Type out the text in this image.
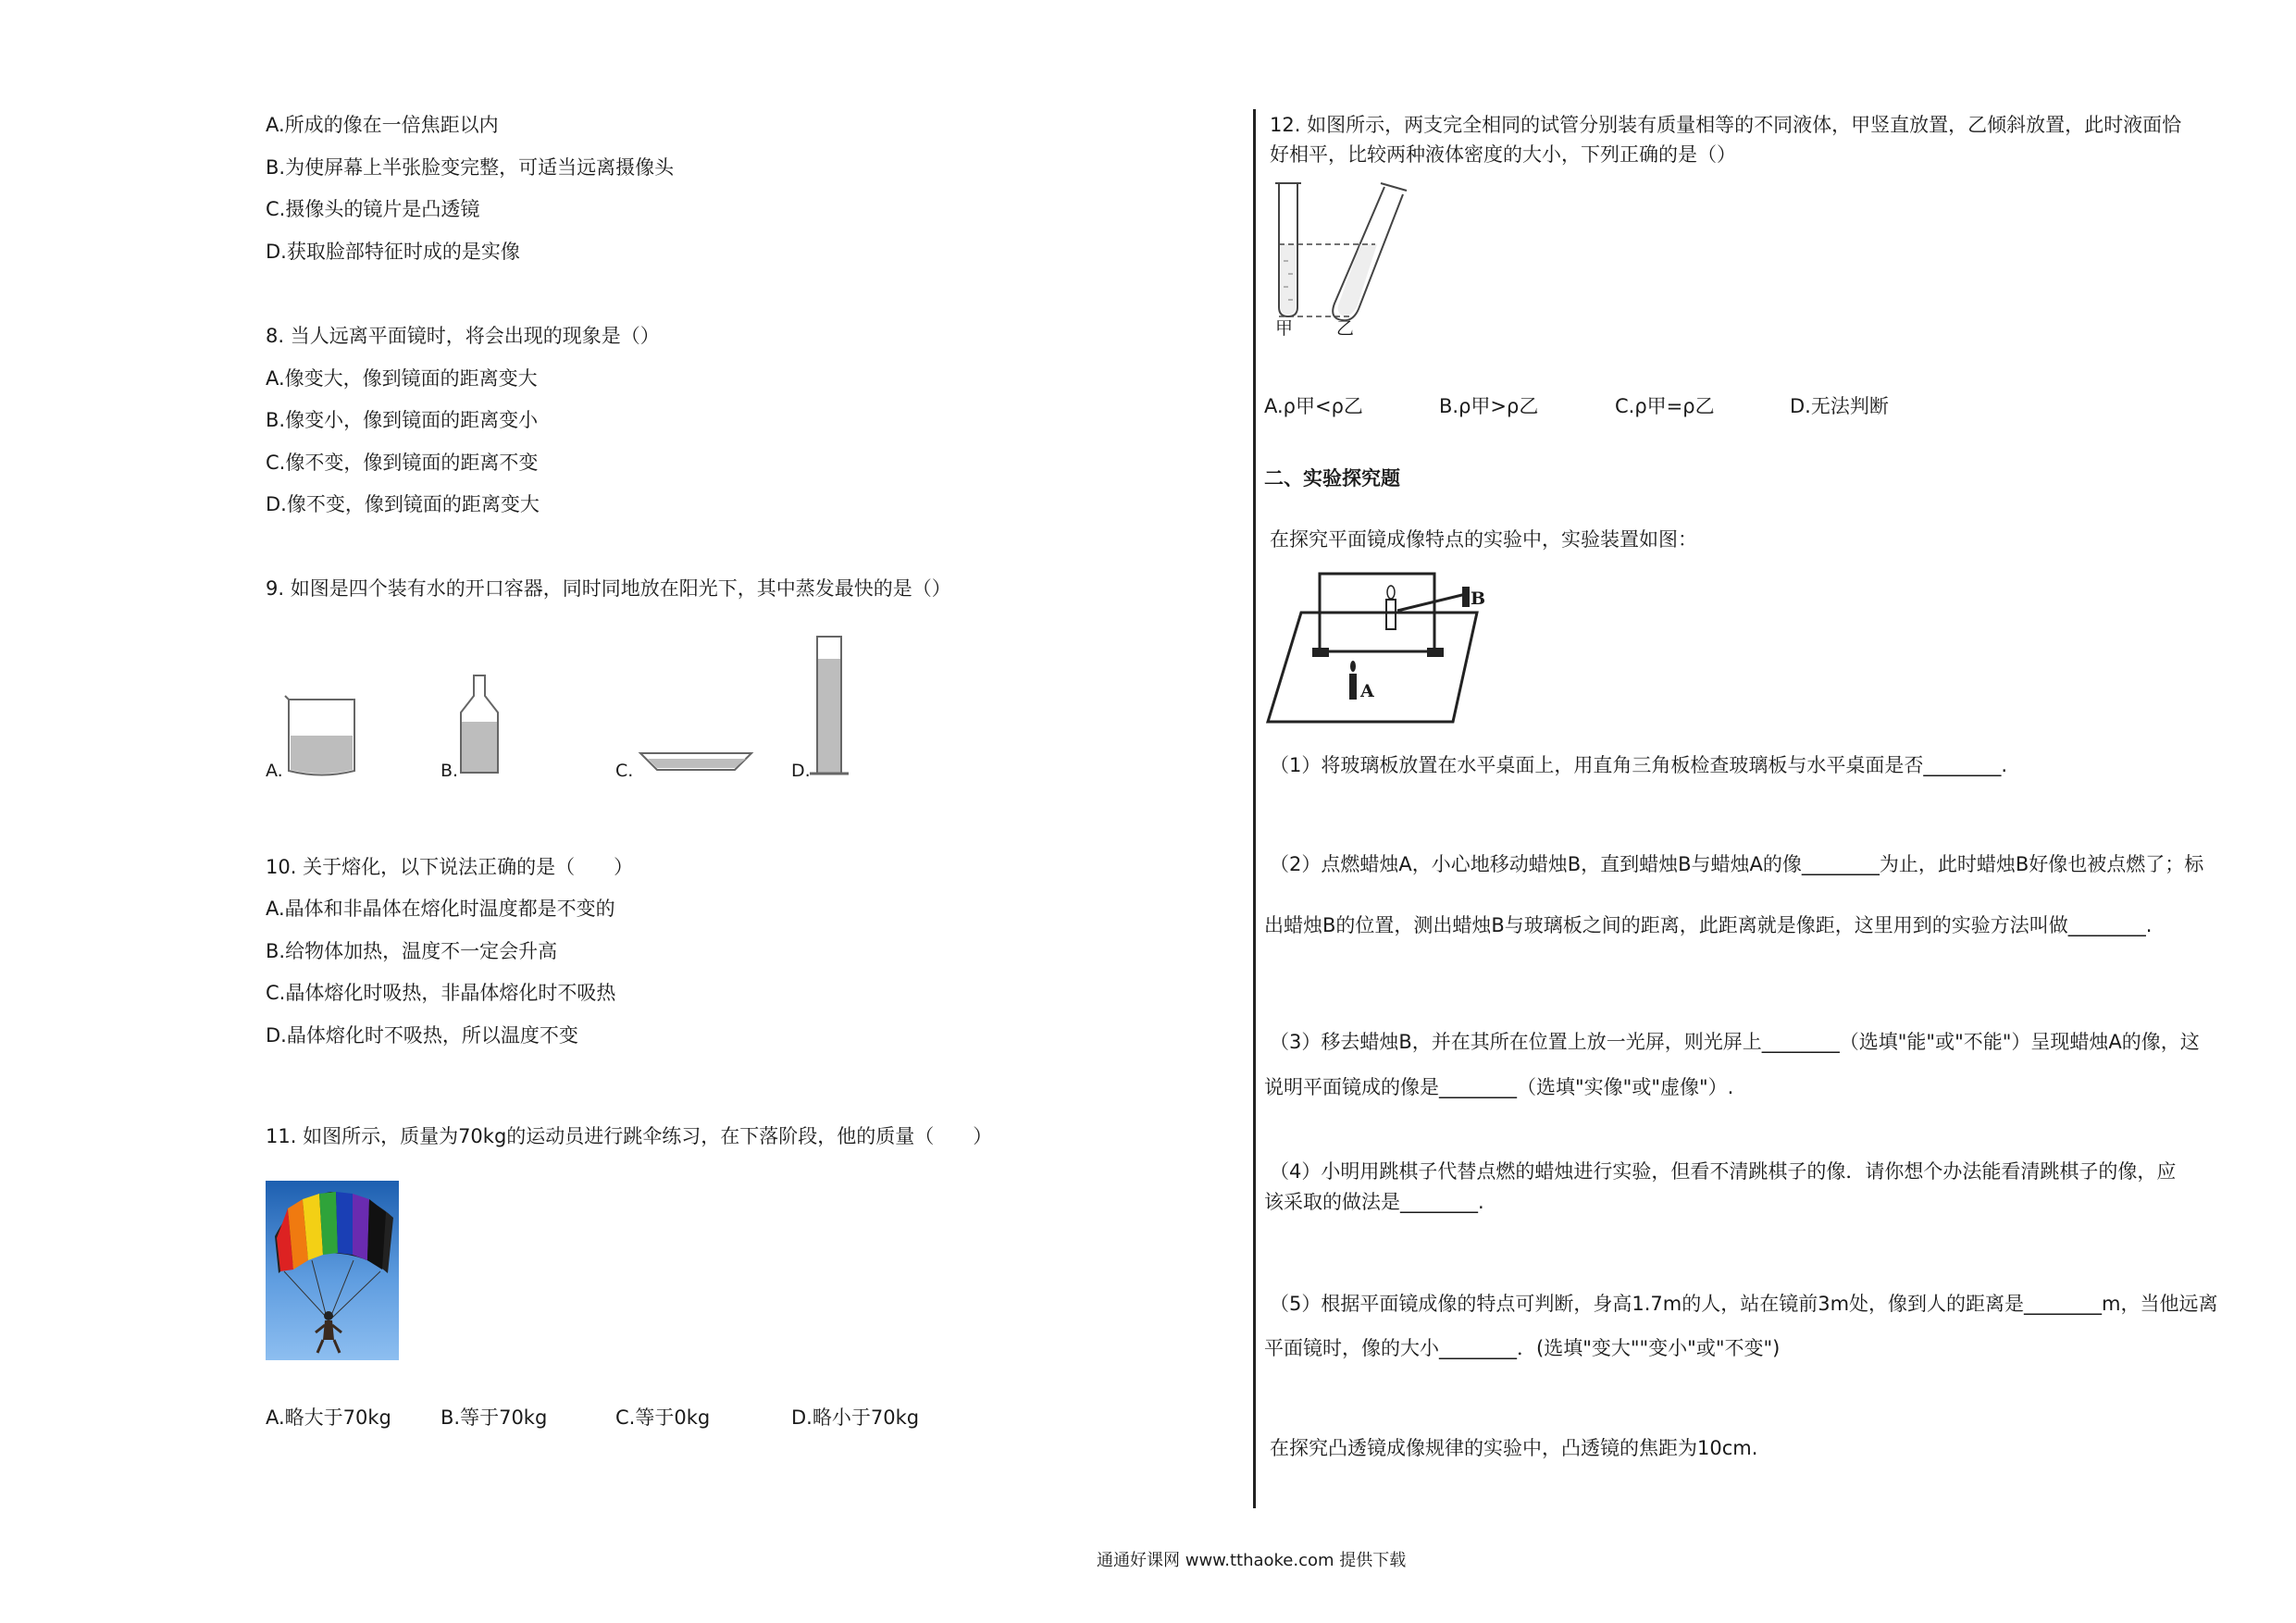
A.所成的像在一倍焦距以内
B.为使屏幕上半张脸变完整，可适当远离摄像头
C.摄像头的镜片是凸透镜
D.获取脸部特征时成的是实像
8. 当人远离平面镜时，将会出现的现象是（）
A.像变大，像到镜面的距离变大
B.像变小，像到镜面的距离变小
C.像不变，像到镜面的距离不变
D.像不变，像到镜面的距离变大
9. 如图是四个装有水的开口容器，同时同地放在阳光下，其中蒸发最快的是（）
A.	B.	C.	D.
10. 关于熔化，以下说法正确的是（　　）
A.晶体和非晶体在熔化时温度都是不变的
B.给物体加热，温度不一定会升高
C.晶体熔化时吸热，非晶体熔化时不吸热
D.晶体熔化时不吸热，所以温度不变
11. 如图所示，质量为70kg的运动员进行跳伞练习，在下落阶段，他的质量（　　）
A.略大于70kg	B.等于70kg	C.等于0kg	D.略小于70kg
12. 如图所示，两支完全相同的试管分别装有质量相等的不同液体，甲竖直放置，乙倾斜放置，此时液面恰
好相平，比较两种液体密度的大小，下列正确的是（）
甲 乙
A.ρ甲<ρ乙	B.ρ甲>ρ乙	C.ρ甲=ρ乙	D.无法判断
二、实验探究题
在探究平面镜成像特点的实验中，实验装置如图：
B
A
（1）将玻璃板放置在水平桌面上，用直角三角板检查玻璃板与水平桌面是否________.
（2）点燃蜡烛A，小心地移动蜡烛B，直到蜡烛B与蜡烛A的像________为止，此时蜡烛B好像也被点燃了；标
出蜡烛B的位置，测出蜡烛B与玻璃板之间的距离，此距离就是像距，这里用到的实验方法叫做________.
（3）移去蜡烛B，并在其所在位置上放一光屏，则光屏上________（选填"能"或"不能"）呈现蜡烛A的像，这
说明平面镜成的像是________（选填"实像"或"虚像"）.
（4）小明用跳棋子代替点燃的蜡烛进行实验，但看不清跳棋子的像．请你想个办法能看清跳棋子的像，应
该采取的做法是________.
（5）根据平面镜成像的特点可判断，身高1.7m的人，站在镜前3m处，像到人的距离是________m，当他远离
平面镜时，像的大小________．(选填"变大""变小"或"不变")
在探究凸透镜成像规律的实验中，凸透镜的焦距为10cm.
通通好课网 www.tthaoke.com 提供下载
